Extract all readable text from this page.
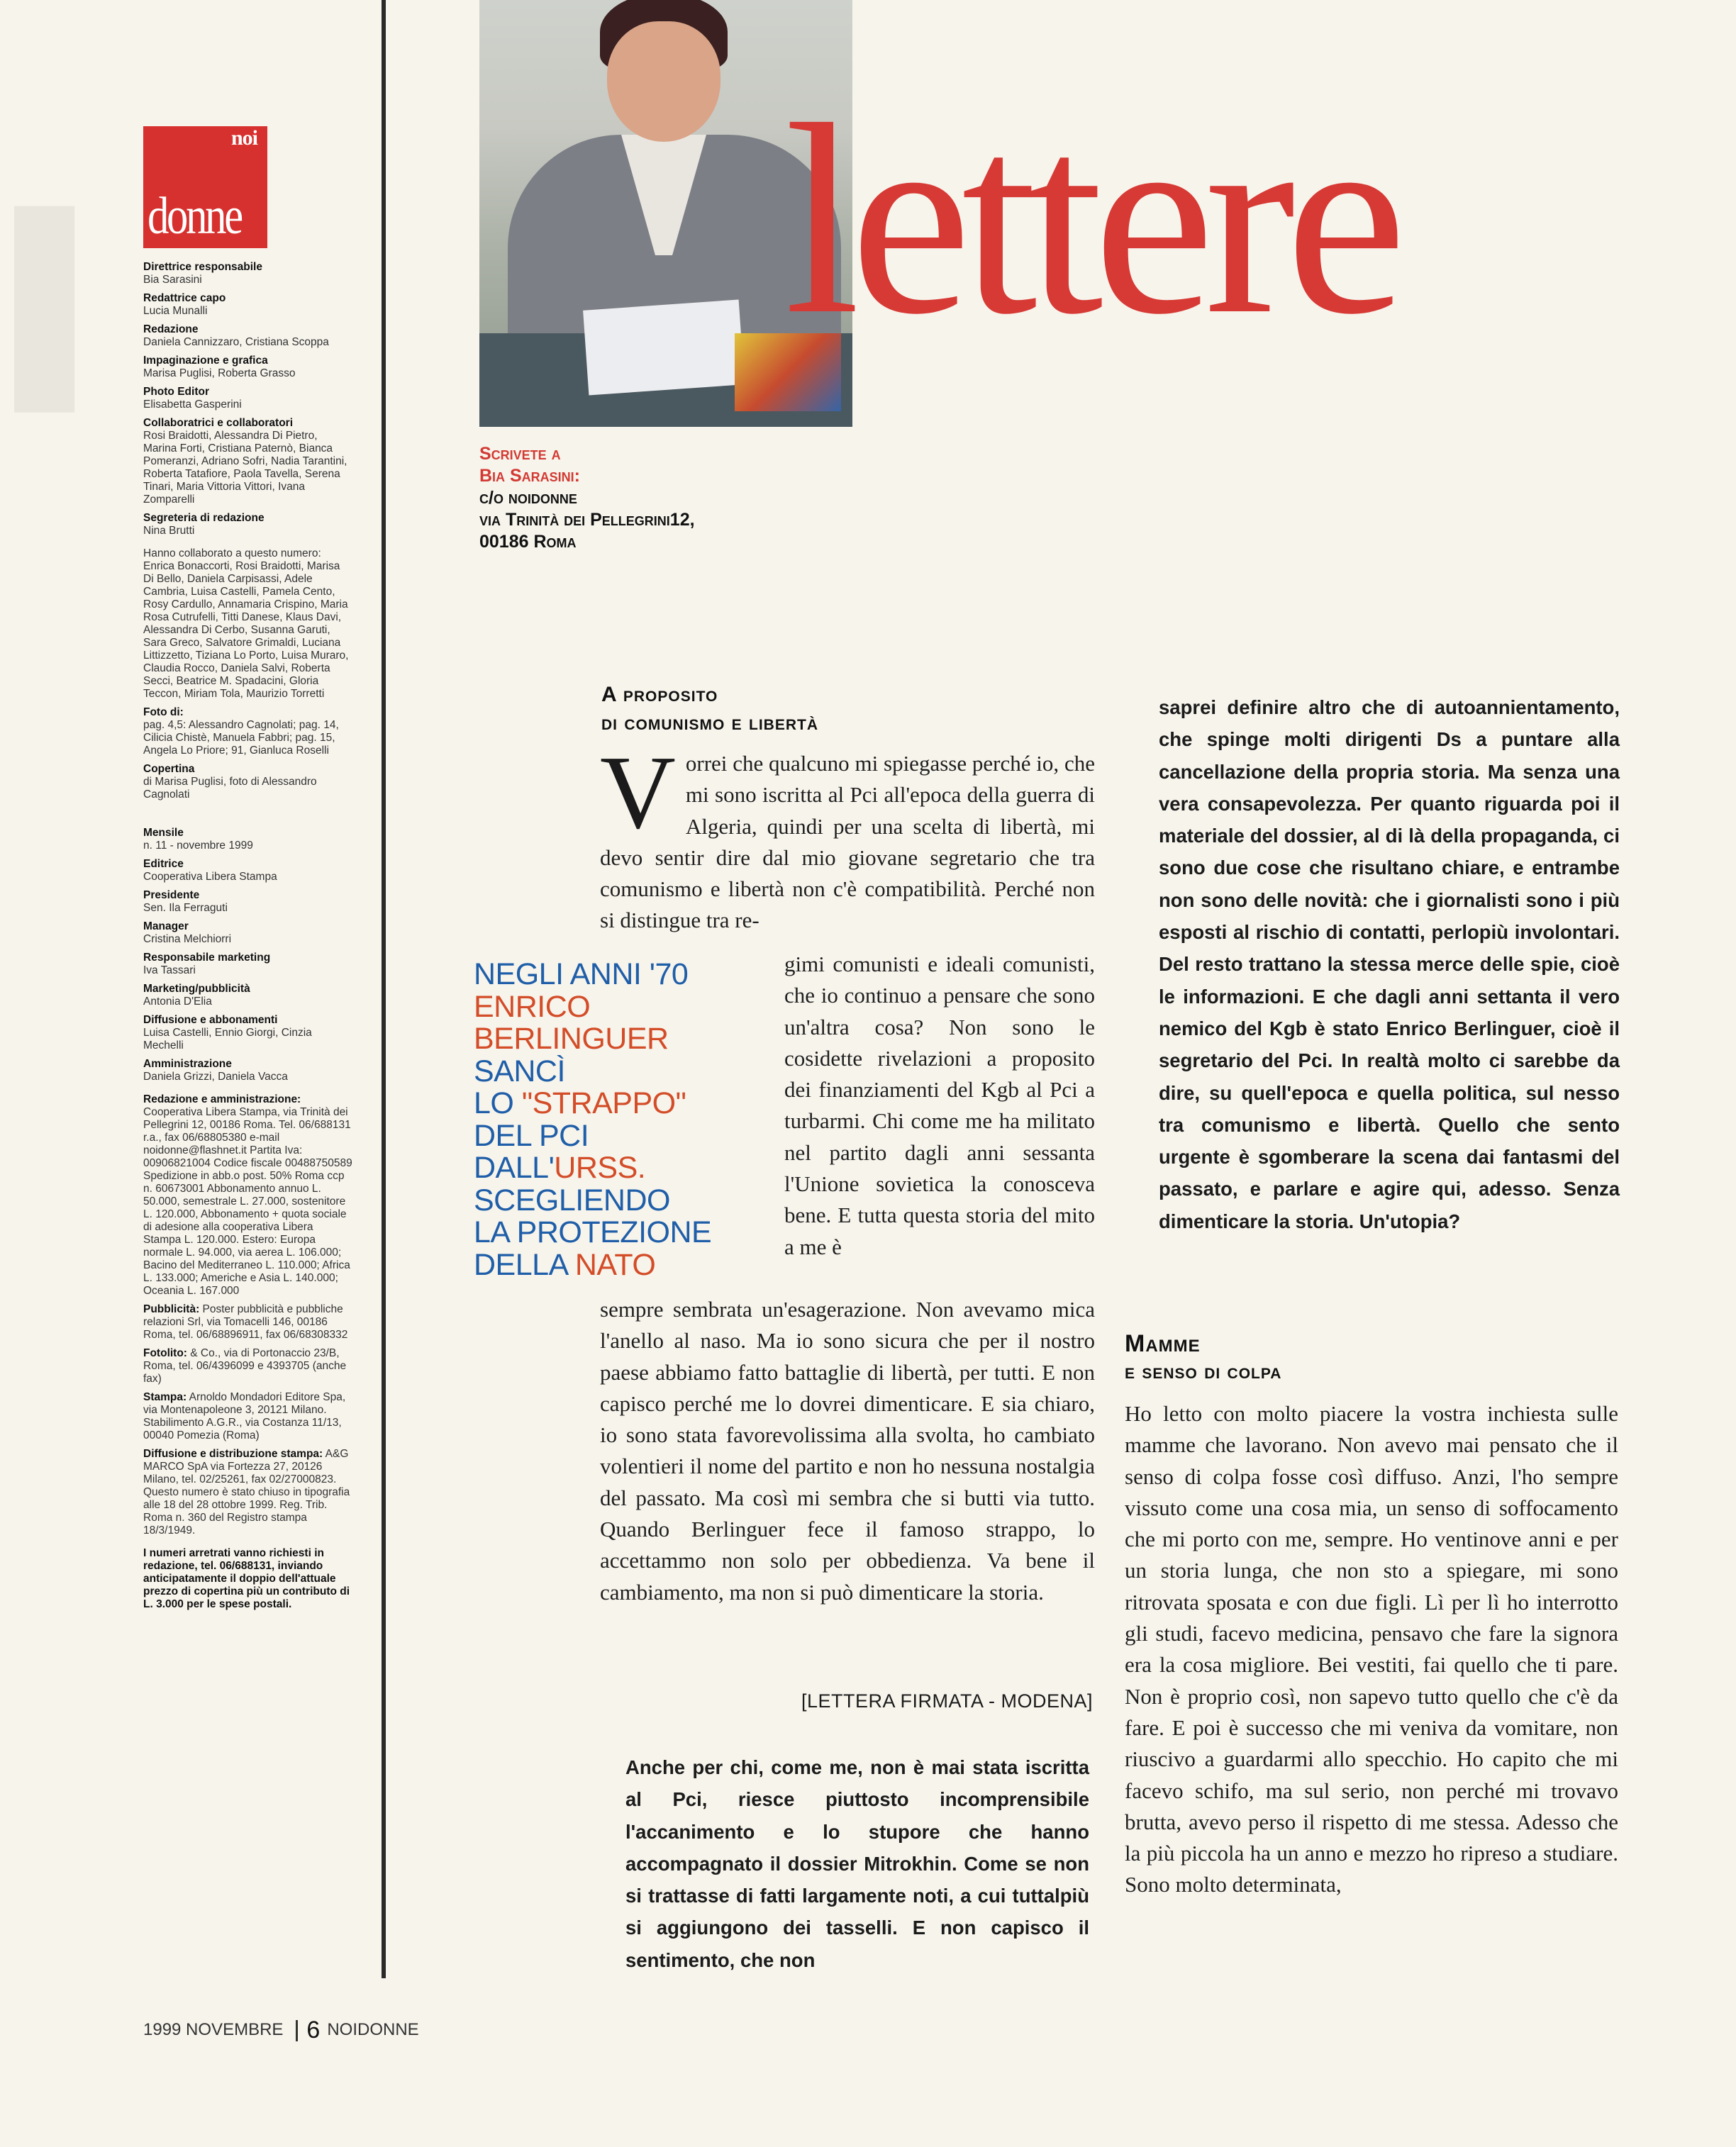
▌
noi
donne
Direttrice responsabile
Bia Sarasini
Redattrice capo
Lucia Munalli
Redazione
Daniela Cannizzaro, Cristiana Scoppa
Impaginazione e grafica
Marisa Puglisi, Roberta Grasso
Photo Editor
Elisabetta Gasperini
Collaboratrici e collaboratori
Rosi Braidotti, Alessandra Di Pietro, Marina Forti, Cristiana Paternò, Bianca Pomeranzi, Adriano Sofri, Nadia Tarantini, Roberta Tatafiore, Paola Tavella, Serena Tinari, Maria Vittoria Vittori, Ivana Zomparelli
Segreteria di redazione
Nina Brutti
Hanno collaborato a questo numero: Enrica Bonaccorti, Rosi Braidotti, Marisa Di Bello, Daniela Carpisassi, Adele Cambria, Luisa Castelli, Pamela Cento, Rosy Cardullo, Annamaria Crispino, Maria Rosa Cutrufelli, Titti Danese, Klaus Davi, Alessandra Di Cerbo, Susanna Garuti, Sara Greco, Salvatore Grimaldi, Luciana Littizzetto, Tiziana Lo Porto, Luisa Muraro, Claudia Rocco, Daniela Salvi, Roberta Secci, Beatrice M. Spadacini, Gloria Teccon, Miriam Tola, Maurizio Torretti
Foto di:
pag. 4,5: Alessandro Cagnolati; pag. 14, Cilicia Chistè, Manuela Fabbri; pag. 15, Angela Lo Priore; 91, Gianluca Roselli
Copertina
di Marisa Puglisi, foto di Alessandro Cagnolati
Mensile
n. 11 - novembre 1999
Editrice
Cooperativa Libera Stampa
Presidente
Sen. Ila Ferraguti
Manager
Cristina Melchiorri
Responsabile marketing
Iva Tassari
Marketing/pubblicità
Antonia D'Elia
Diffusione e abbonamenti
Luisa Castelli, Ennio Giorgi, Cinzia Mechelli
Amministrazione
Daniela Grizzi, Daniela Vacca
Redazione e amministrazione: Cooperativa Libera Stampa, via Trinità dei Pellegrini 12, 00186 Roma. Tel. 06/688131 r.a., fax 06/68805380 e-mail noidonne@flashnet.it Partita Iva: 00906821004 Codice fiscale 00488750589 Spedizione in abb.o post. 50% Roma ccp n. 60673001 Abbonamento annuo L. 50.000, semestrale L. 27.000, sostenitore L. 120.000, Abbonamento + quota sociale di adesione alla cooperativa Libera Stampa L. 120.000. Estero: Europa normale L. 94.000, via aerea L. 106.000; Bacino del Mediterraneo L. 110.000; Africa L. 133.000; Americhe e Asia L. 140.000; Oceania L. 167.000
Pubblicità: Poster pubblicità e pubbliche relazioni Srl, via Tomacelli 146, 00186 Roma, tel. 06/68896911, fax 06/68308332
Fotolito: & Co., via di Portonaccio 23/B, Roma, tel. 06/4396099 e 4393705 (anche fax)
Stampa: Arnoldo Mondadori Editore Spa, via Montenapoleone 3, 20121 Milano. Stabilimento A.G.R., via Costanza 11/13, 00040 Pomezia (Roma)
Diffusione e distribuzione stampa: A&G MARCO SpA via Fortezza 27, 20126 Milano, tel. 02/25261, fax 02/27000823. Questo numero è stato chiuso in tipografia alle 18 del 28 ottobre 1999. Reg. Trib. Roma n. 360 del Registro stampa 18/3/1949.
I numeri arretrati vanno richiesti in redazione, tel. 06/688131, inviando anticipatamente il doppio dell'attuale prezzo di copertina più un contributo di L. 3.000 per le spese postali.
lettere
Scrivete a
Bia Sarasini:
c/o noidonne
via Trinità dei Pellegrini12,
00186 Roma
A proposito
di comunismo e libertà
Vorrei che qualcuno mi spiegasse perché io, che mi sono iscritta al Pci all'epoca della guerra di Algeria, quindi per una scelta di libertà, mi devo sentir dire dal mio giovane segretario che tra comunismo e libertà non c'è compatibilità. Perché non si distingue tra re-
gimi comunisti e ideali comunisti, che io continuo a pensare che sono un'altra cosa? Non sono le cosidette rivelazioni a proposito dei finanziamenti del Kgb al Pci a turbarmi. Chi come me ha militato nel partito dagli anni sessanta l'Unione sovietica la conosceva bene. E tutta questa storia del mito a me è
sempre sembrata un'esagerazione. Non avevamo mica l'anello al naso. Ma io sono sicura che per il nostro paese abbiamo fatto battaglie di libertà, per tutti. E non capisco perché me lo dovrei dimenticare. E sia chiaro, io sono stata favorevolissima alla svolta, ho cambiato volentieri il nome del partito e non ho nessuna nostalgia del passato. Ma così mi sembra che si butti via tutto. Quando Berlinguer fece il famoso strappo, lo accettammo non solo per obbedienza. Va bene il cambiamento, ma non si può dimenticare la storia.
[LETTERA FIRMATA - MODENA]
NEGLI ANNI '70
ENRICO
BERLINGUER
SANCÌ
LO "STRAPPO"
DEL PCI
DALL'URSS.
SCEGLIENDO
LA PROTEZIONE
DELLA NATO
Anche per chi, come me, non è mai stata iscritta al Pci, riesce piuttosto incomprensibile l'accanimento e lo stupore che hanno accompagnato il dossier Mitrokhin. Come se non si trattasse di fatti largamente noti, a cui tuttalpiù si aggiungono dei tasselli. E non capisco il sentimento, che non
saprei definire altro che di autoannientamento, che spinge molti dirigenti Ds a puntare alla cancellazione della propria storia. Ma senza una vera consapevolezza. Per quanto riguarda poi il materiale del dossier, al di là della propaganda, ci sono due cose che risultano chiare, e entrambe non sono delle novità: che i giornalisti sono i più esposti al rischio di contatti, perlopiù involontari. Del resto trattano la stessa merce delle spie, cioè le informazioni. E che dagli anni settanta il vero nemico del Kgb è stato Enrico Berlinguer, cioè il segretario del Pci. In realtà molto ci sarebbe da dire, su quell'epoca e quella politica, sul nesso tra comunismo e libertà. Quello che sento urgente è sgomberare la scena dai fantasmi del passato, e parlare e agire qui, adesso. Senza dimenticare la storia. Un'utopia?
Mamme
e senso di colpa
Ho letto con molto piacere la vostra inchiesta sulle mamme che lavorano. Non avevo mai pensato che il senso di colpa fosse così diffuso. Anzi, l'ho sempre vissuto come una cosa mia, un senso di soffocamento che mi porto con me, sempre. Ho ventinove anni e per un storia lunga, che non sto a spiegare, mi sono ritrovata sposata e con due figli. Lì per lì ho interrotto gli studi, facevo medicina, pensavo che fare la signora era la cosa migliore. Bei vestiti, fai quello che ti pare. Non è proprio così, non sapevo tutto quello che c'è da fare. E poi è successo che mi veniva da vomitare, non riuscivo a guardarmi allo specchio. Ho capito che mi facevo schifo, ma sul serio, non perché mi trovavo brutta, avevo perso il rispetto di me stessa. Adesso che la più piccola ha un anno e mezzo ho ripreso a studiare. Sono molto determinata,
1999 NOVEMBRE 6 NOIDONNE
